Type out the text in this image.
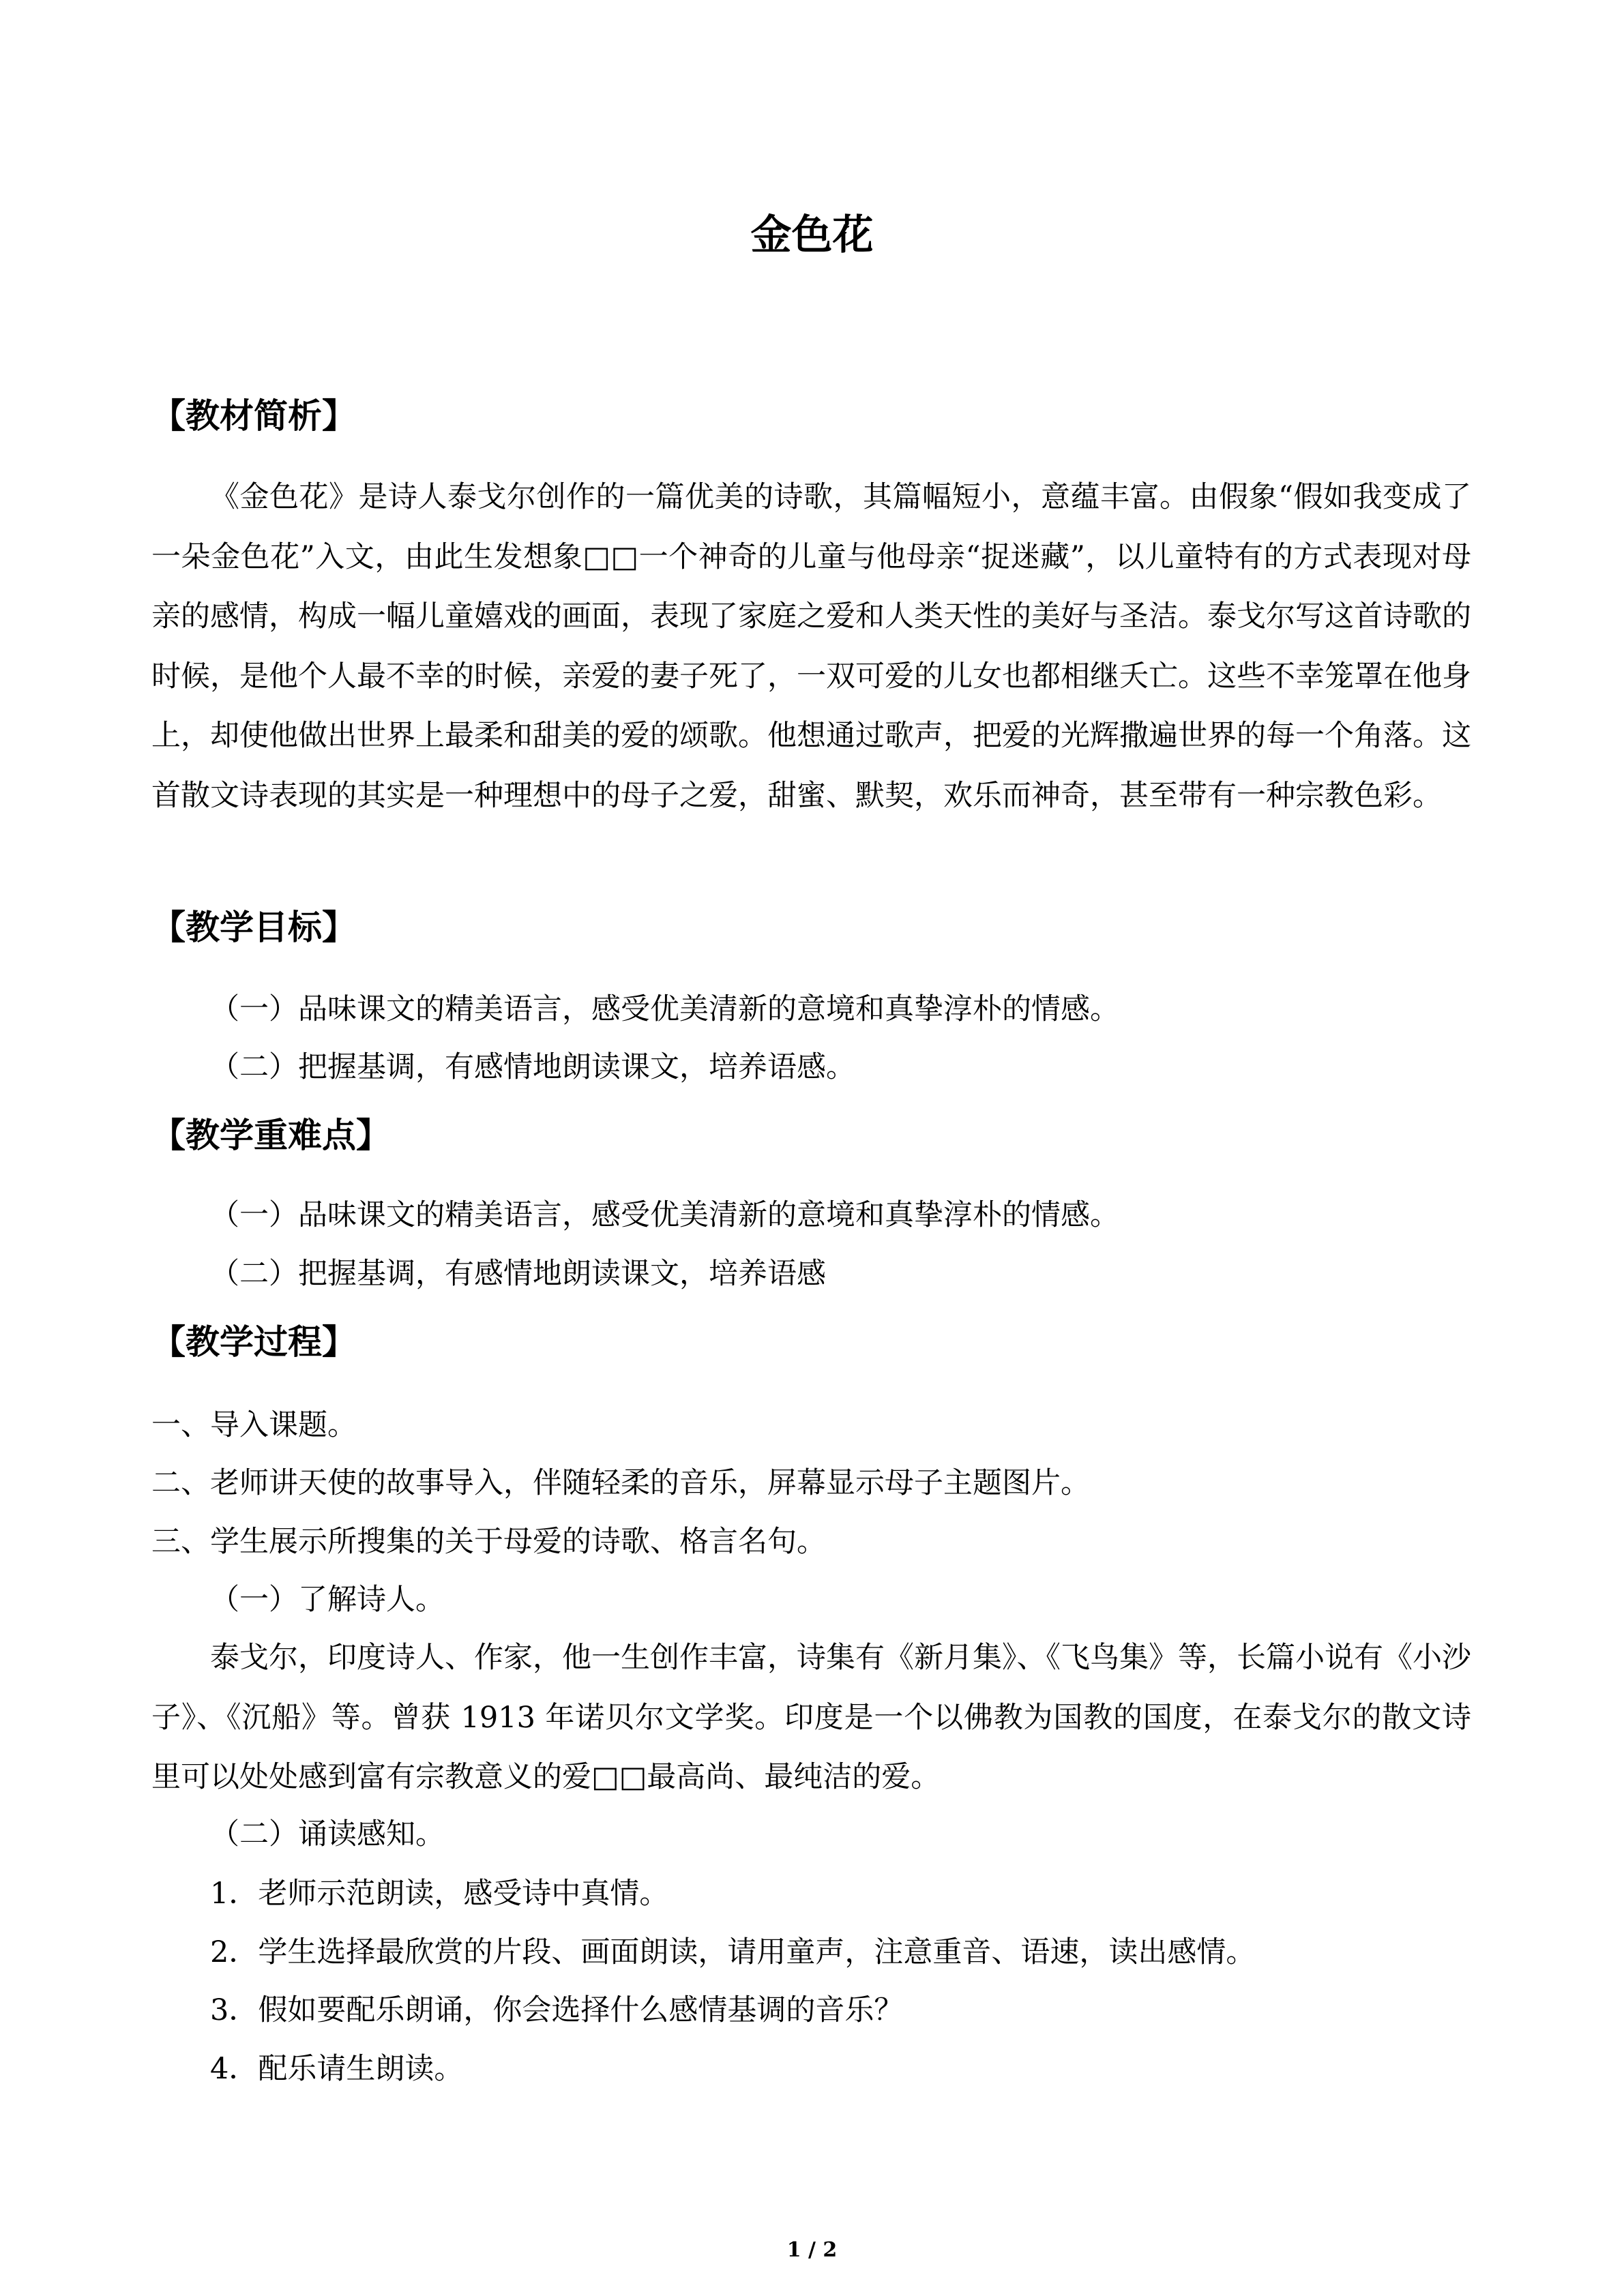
金色花
【教材简析】
《金色花》是诗人泰戈尔创作的一篇优美的诗歌，其篇幅短小，意蕴丰富。由假象“假如我变成了一朵金色花”入文，由此生发想象□□一个神奇的儿童与他母亲“捉迷藏”，以儿童特有的方式表现对母亲的感情，构成一幅儿童嬉戏的画面，表现了家庭之爱和人类天性的美好与圣洁。泰戈尔写这首诗歌的时候，是他个人最不幸的时候，亲爱的妻子死了，一双可爱的儿女也都相继夭亡。这些不幸笼罩在他身上，却使他做出世界上最柔和甜美的爱的颂歌。他想通过歌声，把爱的光辉撒遍世界的每一个角落。这首散文诗表现的其实是一种理想中的母子之爱，甜蜜、默契，欢乐而神奇，甚至带有一种宗教色彩。
【教学目标】
（一）品味课文的精美语言，感受优美清新的意境和真挚淳朴的情感。
（二）把握基调，有感情地朗读课文，培养语感。
【教学重难点】
（一）品味课文的精美语言，感受优美清新的意境和真挚淳朴的情感。
（二）把握基调，有感情地朗读课文，培养语感
【教学过程】
一、导入课题。
二、老师讲天使的故事导入，伴随轻柔的音乐，屏幕显示母子主题图片。
三、学生展示所搜集的关于母爱的诗歌、格言名句。
（一）了解诗人。
泰戈尔，印度诗人、作家，他一生创作丰富，诗集有《新月集》、《飞鸟集》等，长篇小说有《小沙子》、《沉船》等。曾获 1913 年诺贝尔文学奖。印度是一个以佛教为国教的国度，在泰戈尔的散文诗里可以处处感到富有宗教意义的爱□□最高尚、最纯洁的爱。
（二）诵读感知。
1．老师示范朗读，感受诗中真情。
2．学生选择最欣赏的片段、画面朗读，请用童声，注意重音、语速，读出感情。
3．假如要配乐朗诵，你会选择什么感情基调的音乐？
4．配乐请生朗读。
1 / 2
